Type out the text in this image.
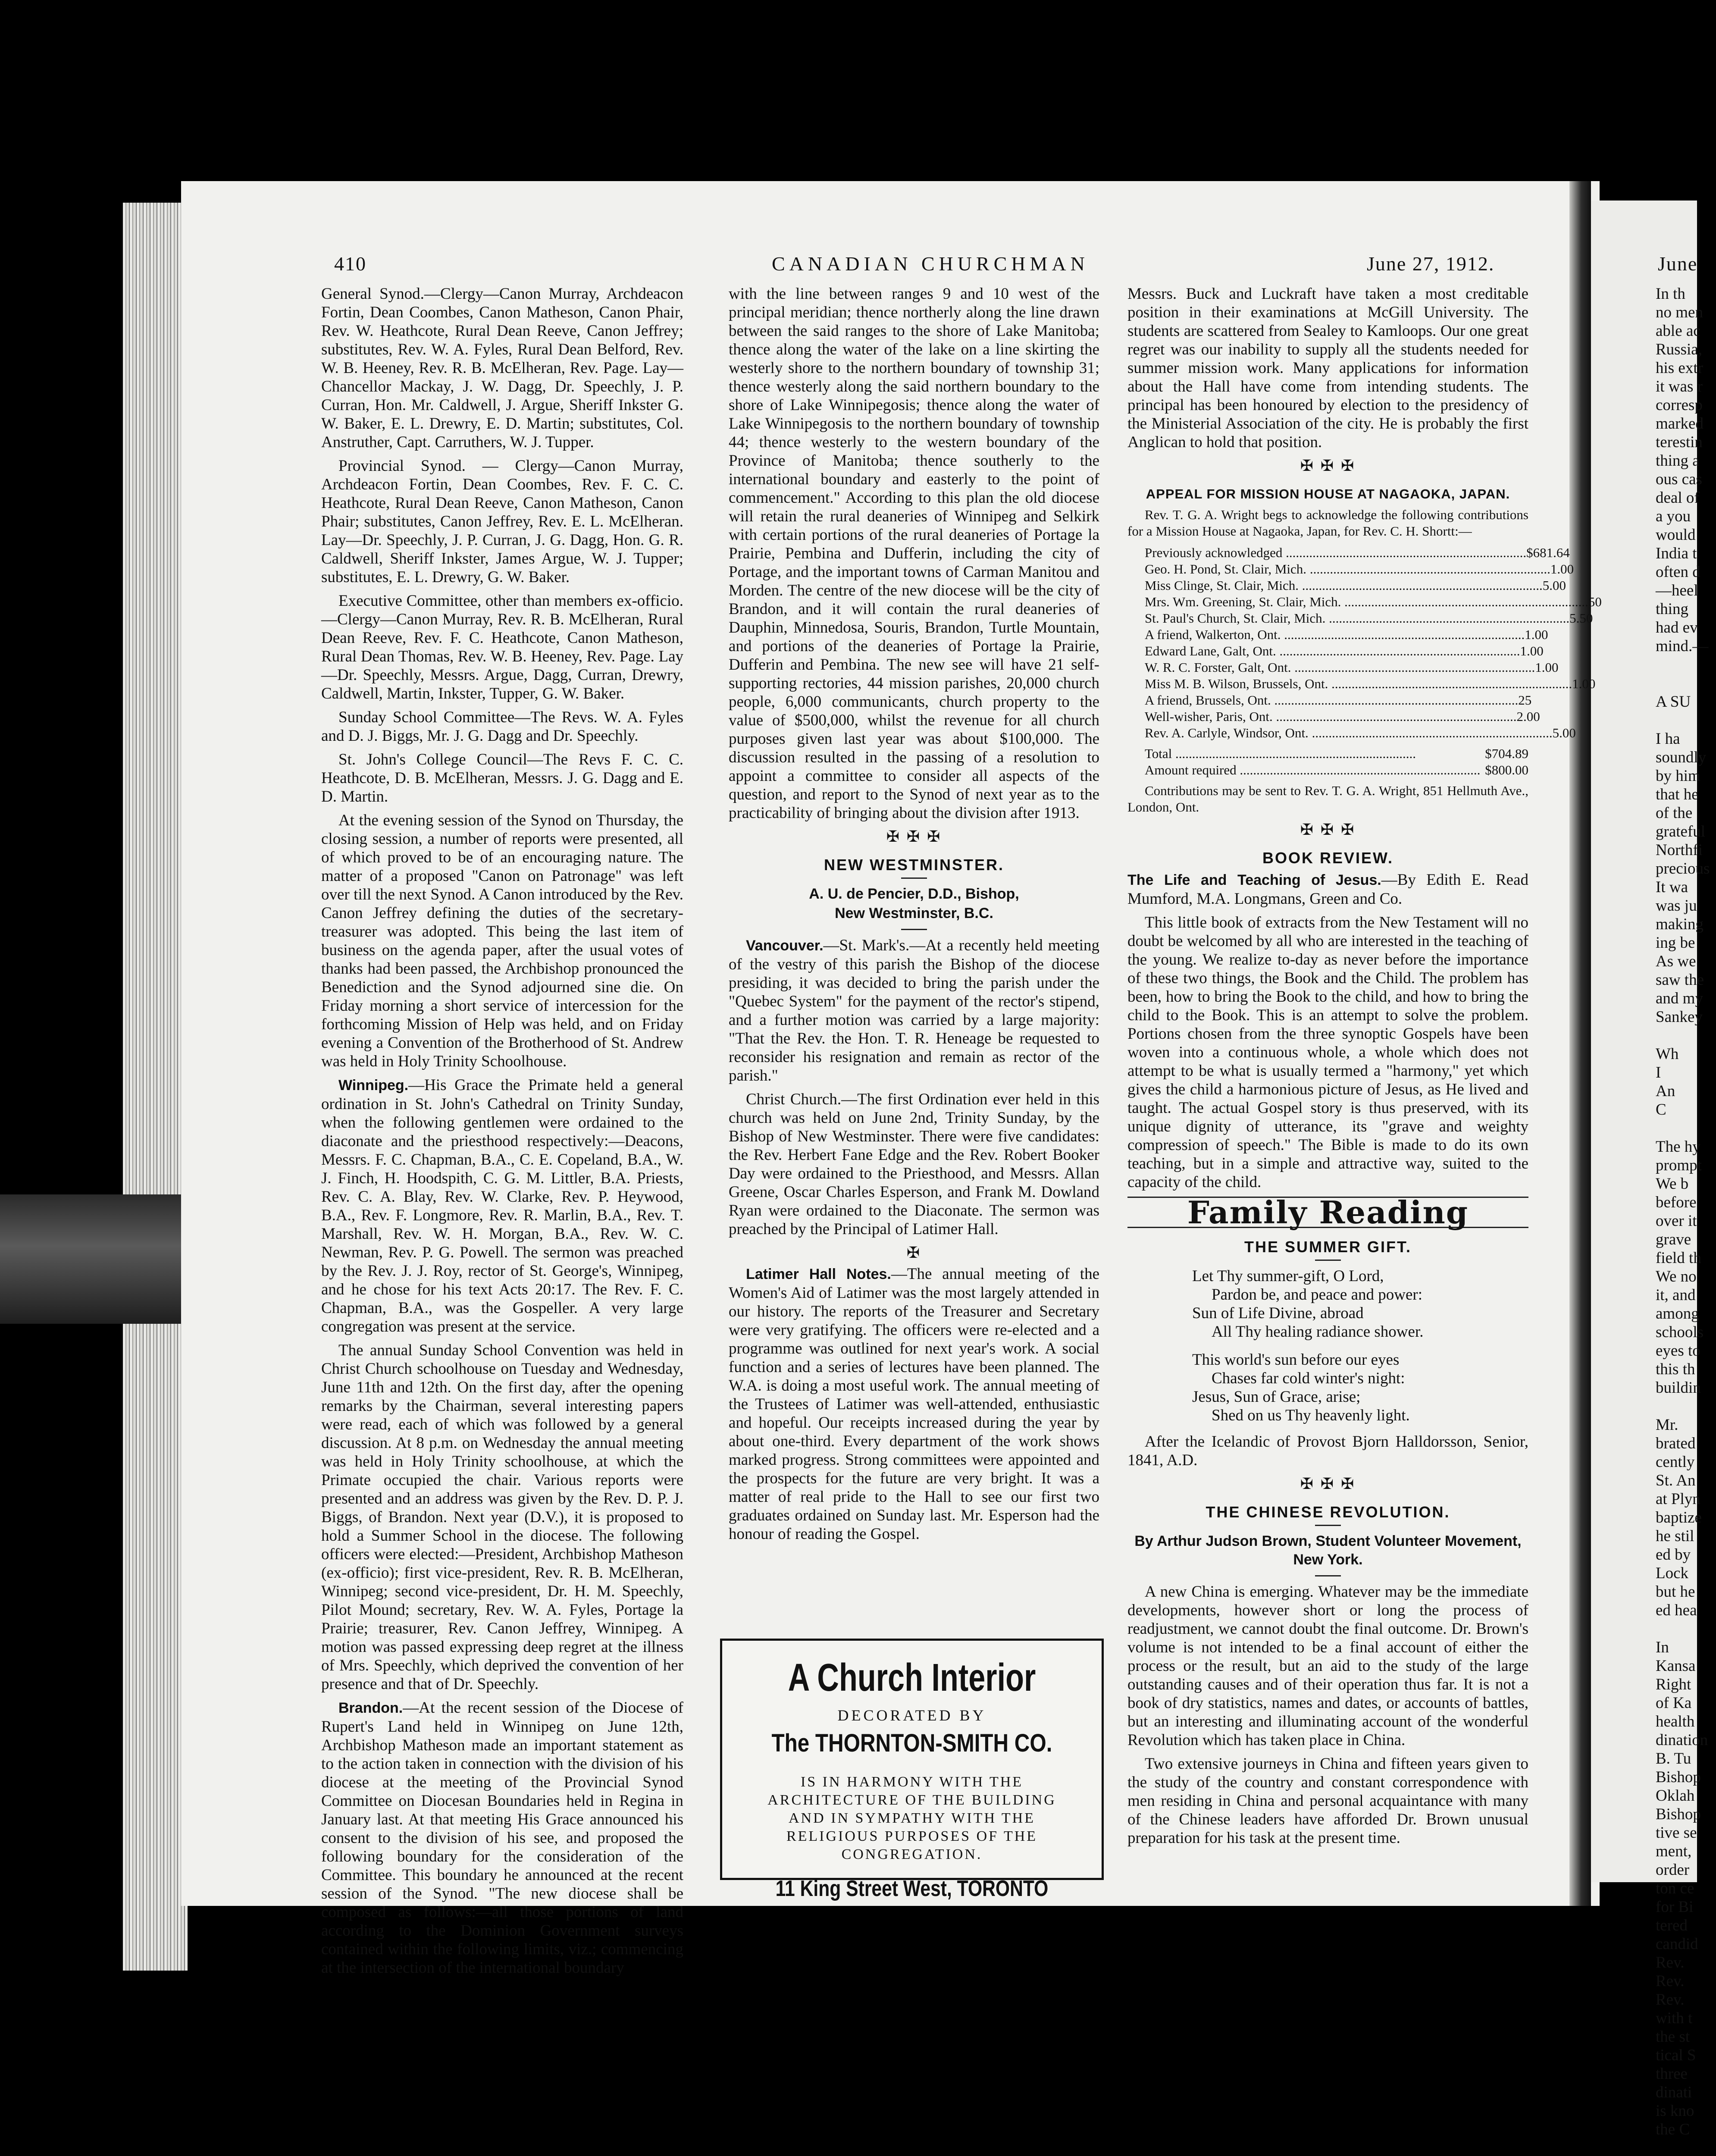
410	CANADIAN CHURCHMAN	June 27, 1912.	June

General Synod.—Clergy—Canon Murray, Archdeacon Fortin, Dean Coombes, Canon Matheson, Canon Phair, Rev. W. Heathcote, Rural Dean Reeve, Canon Jeffrey; substitutes, Rev. W. A. Fyles, Rural Dean Belford, Rev. W. B. Heeney, Rev. R. B. McElheran, Rev. Page. Lay—Chancellor Mackay, J. W. Dagg, Dr. Speechly, J. P. Curran, Hon. Mr. Caldwell, J. Argue, Sheriff Inkster G. W. Baker, E. L. Drewry, E. D. Martin; substitutes, Col. Anstruther, Capt. Carruthers, W. J. Tupper.

Provincial Synod. — Clergy—Canon Murray, Archdeacon Fortin, Dean Coombes, Rev. F. C. C. Heathcote, Rural Dean Reeve, Canon Matheson, Canon Phair; substitutes, Canon Jeffrey, Rev. E. L. McElheran. Lay—Dr. Speechly, J. P. Curran, J. G. Dagg, Hon. G. R. Caldwell, Sheriff Inkster, James Argue, W. J. Tupper; substitutes, E. L. Drewry, G. W. Baker.

Executive Committee, other than members ex-officio.—Clergy—Canon Murray, Rev. R. B. McElheran, Rural Dean Reeve, Rev. F. C. Heathcote, Canon Matheson, Rural Dean Thomas, Rev. W. B. Heeney, Rev. Page. Lay—Dr. Speechly, Messrs. Argue, Dagg, Curran, Drewry, Caldwell, Martin, Inkster, Tupper, G. W. Baker.

Sunday School Committee—The Revs. W. A. Fyles and D. J. Biggs, Mr. J. G. Dagg and Dr. Speechly.

St. John's College Council—The Revs F. C. C. Heathcote, D. B. McElheran, Messrs. J. G. Dagg and E. D. Martin.

At the evening session of the Synod on Thursday, the closing session, a number of reports were presented, all of which proved to be of an encouraging nature. The matter of a proposed "Canon on Patronage" was left over till the next Synod. A Canon introduced by the Rev. Canon Jeffrey defining the duties of the secretary-treasurer was adopted. This being the last item of business on the agenda paper, after the usual votes of thanks had been passed, the Archbishop pronounced the Benediction and the Synod adjourned sine die. On Friday morning a short service of intercession for the forthcoming Mission of Help was held, and on Friday evening a Convention of the Brotherhood of St. Andrew was held in Holy Trinity Schoolhouse.

Winnipeg.—His Grace the Primate held a general ordination in St. John's Cathedral on Trinity Sunday, when the following gentlemen were ordained to the diaconate and the priesthood respectively:—Deacons, Messrs. F. C. Chapman, B.A., C. E. Copeland, B.A., W. J. Finch, H. Hoodspith, C. G. M. Littler, B.A. Priests, Rev. C. A. Blay, Rev. W. Clarke, Rev. P. Heywood, B.A., Rev. F. Longmore, Rev. R. Marlin, B.A., Rev. T. Marshall, Rev. W. H. Morgan, B.A., Rev. W. C. Newman, Rev. P. G. Powell. The sermon was preached by the Rev. J. J. Roy, rector of St. George's, Winnipeg, and he chose for his text Acts 20:17. The Rev. F. C. Chapman, B.A., was the Gospeller. A very large congregation was present at the service.

The annual Sunday School Convention was held in Christ Church schoolhouse on Tuesday and Wednesday, June 11th and 12th. On the first day, after the opening remarks by the Chairman, several interesting papers were read, each of which was followed by a general discussion. At 8 p.m. on Wednesday the annual meeting was held in Holy Trinity schoolhouse, at which the Primate occupied the chair. Various reports were presented and an address was given by the Rev. D. P. J. Biggs, of Brandon. Next year (D.V.), it is proposed to hold a Summer School in the diocese. The following officers were elected:—President, Archbishop Matheson (ex-officio); first vice-president, Rev. R. B. McElheran, Winnipeg; second vice-president, Dr. H. M. Speechly, Pilot Mound; secretary, Rev. W. A. Fyles, Portage la Prairie; treasurer, Rev. Canon Jeffrey, Winnipeg. A motion was passed expressing deep regret at the illness of Mrs. Speechly, which deprived the convention of her presence and that of Dr. Speechly.

Brandon.—At the recent session of the Diocese of Rupert's Land held in Winnipeg on June 12th, Archbishop Matheson made an important statement as to the action taken in connection with the division of his diocese at the meeting of the Provincial Synod Committee on Diocesan Boundaries held in Regina in January last. At that meeting His Grace announced his consent to the division of his see, and proposed the following boundary for the consideration of the Committee. This boundary he announced at the recent session of the Synod. "The new diocese shall be composed as follows:—all those portions of land according to the Dominion Government surveys contained within the following limits, viz.; commencing at the intersection of the international boundary

with the line between ranges 9 and 10 west of the principal meridian; thence northerly along the line drawn between the said ranges to the shore of Lake Manitoba; thence along the water of the lake on a line skirting the westerly shore to the northern boundary of township 31; thence westerly along the said northern boundary to the shore of Lake Winnipegosis; thence along the water of Lake Winnipegosis to the northern boundary of township 44; thence westerly to the western boundary of the Province of Manitoba; thence southerly to the international boundary and easterly to the point of commencement." According to this plan the old diocese will retain the rural deaneries of Winnipeg and Selkirk with certain portions of the rural deaneries of Portage la Prairie, Pembina and Dufferin, including the city of Portage, and the important towns of Carman Manitou and Morden. The centre of the new diocese will be the city of Brandon, and it will contain the rural deaneries of Dauphin, Minnedosa, Souris, Brandon, Turtle Mountain, and portions of the deaneries of Portage la Prairie, Dufferin and Pembina. The new see will have 21 self-supporting rectories, 44 mission parishes, 20,000 church people, 6,000 communicants, church property to the value of $500,000, whilst the revenue for all church purposes given last year was about $100,000. The discussion resulted in the passing of a resolution to appoint a committee to consider all aspects of the question, and report to the Synod of next year as to the practicability of bringing about the division after 1913.

✠ ✠ ✠
NEW WESTMINSTER.
A. U. de Pencier, D.D., Bishop,
New Westminster, B.C.

Vancouver.—St. Mark's.—At a recently held meeting of the vestry of this parish the Bishop of the diocese presiding, it was decided to bring the parish under the "Quebec System" for the payment of the rector's stipend, and a further motion was carried by a large majority: "That the Rev. the Hon. T. R. Heneage be requested to reconsider his resignation and remain as rector of the parish."

Christ Church.—The first Ordination ever held in this church was held on June 2nd, Trinity Sunday, by the Bishop of New Westminster. There were five candidates: the Rev. Herbert Fane Edge and the Rev. Robert Booker Day were ordained to the Priesthood, and Messrs. Allan Greene, Oscar Charles Esperson, and Frank M. Dowland Ryan were ordained to the Diaconate. The sermon was preached by the Principal of Latimer Hall.

✠

Latimer Hall Notes.—The annual meeting of the Women's Aid of Latimer was the most largely attended in our history. The reports of the Treasurer and Secretary were very gratifying. The officers were re-elected and a programme was outlined for next year's work. A social function and a series of lectures have been planned. The W.A. is doing a most useful work. The annual meeting of the Trustees of Latimer was well-attended, enthusiastic and hopeful. Our receipts increased during the year by about one-third. Every department of the work shows marked progress. Strong committees were appointed and the prospects for the future are very bright. It was a matter of real pride to the Hall to see our first two graduates ordained on Sunday last. Mr. Esperson had the honour of reading the Gospel.

A Church Interior
DECORATED BY
The THORNTON-SMITH CO.
IS IN HARMONY WITH THE ARCHITECTURE OF THE BUILDING AND IN SYMPATHY WITH THE RELIGIOUS PURPOSES OF THE CONGREGATION.
11 King Street West, TORONTO

Messrs. Buck and Luckraft have taken a most creditable position in their examinations at McGill University. The students are scattered from Sealey to Kamloops. Our one great regret was our inability to supply all the students needed for summer mission work. Many applications for information about the Hall have come from intending students. The principal has been honoured by election to the presidency of the Ministerial Association of the city. He is probably the first Anglican to hold that position.

✠ ✠ ✠
APPEAL FOR MISSION HOUSE AT NAGAOKA, JAPAN.

Rev. T. G. A. Wright begs to acknowledge the following contributions for a Mission House at Nagaoka, Japan, for Rev. C. H. Shortt:—

Previously acknowledged .....	$681.64
Geo. H. Pond, St. Clair, Mich. .....	1.00
Miss Clinge, St. Clair, Mich. .....	5.00
Mrs. Wm. Greening, St. Clair, Mich. .....	.50
St. Paul's Church, St. Clair, Mich. .....	5.50
A friend, Walkerton, Ont. .....	1.00
Edward Lane, Galt, Ont. .....	1.00
W. R. C. Forster, Galt, Ont. .....	1.00
Miss M. B. Wilson, Brussels, Ont. .....	1.00
A friend, Brussels, Ont. .....	.25
Well-wisher, Paris, Ont. .....	2.00
Rev. A. Carlyle, Windsor, Ont. .....	5.00
Total .....	$704.89
Amount required .....	$800.00

Contributions may be sent to Rev. T. G. A. Wright, 851 Hellmuth Ave., London, Ont.

✠ ✠ ✠
BOOK REVIEW.

The Life and Teaching of Jesus.—By Edith E. Read Mumford, M.A. Longmans, Green and Co.

This little book of extracts from the New Testament will no doubt be welcomed by all who are interested in the teaching of the young. We realize to-day as never before the importance of these two things, the Book and the Child. The problem has been, how to bring the Book to the child, and how to bring the child to the Book. This is an attempt to solve the problem. Portions chosen from the three synoptic Gospels have been woven into a continuous whole, a whole which does not attempt to be what is usually termed a "harmony," yet which gives the child a harmonious picture of Jesus, as He lived and taught. The actual Gospel story is thus preserved, with its unique dignity of utterance, its "grave and weighty compression of speech." The Bible is made to do its own teaching, but in a simple and attractive way, suited to the capacity of the child.

Family Reading
THE SUMMER GIFT.
Let Thy summer-gift, O Lord,
Pardon be, and peace and power:
Sun of Life Divine, abroad
All Thy healing radiance shower.
This world's sun before our eyes
Chases far cold winter's night:
Jesus, Sun of Grace, arise;
Shed on us Thy heavenly light.

After the Icelandic of Provost Bjorn Halldorsson, Senior, 1841, A.D.

✠ ✠ ✠
THE CHINESE REVOLUTION.
By Arthur Judson Brown, Student Volunteer Movement, New York.

A new China is emerging. Whatever may be the immediate developments, however short or long the process of readjustment, we cannot doubt the final outcome. Dr. Brown's volume is not intended to be a final account of either the process or the result, but an aid to the study of the large outstanding causes and of their operation thus far. It is not a book of dry statistics, names and dates, or accounts of battles, but an interesting and illuminating account of the wonderful Revolution which has taken place in China.

Two extensive journeys in China and fifteen years given to the study of the country and constant correspondence with men residing in China and personal acquaintance with many of the Chinese leaders have afforded Dr. Brown unusual preparation for his task at the present time.

In th
no men
able ac
Russia,
his extr
it was r
corresp
marked
terestin
thing a
ous cas
deal of
a you
would
India t
often d
—heel
thing
had ev
mind.—
A SU
I ha
soundly
by him
that he
of the
grateful
Northfi
precious
It wa
was ju
making
ing be
As we
saw the
and my
Sankey
Wh
I
An
C
The hy
prompt
We b
before
over it
grave
field th
We no
it, and
among
schools
eyes to
this th
buildin
Mr.
brated
cently
St. An
at Plyn
baptize
he stil
ed by
Lock
but he
ed hea
In
Kansa
Right
of Ka
health
dination
B. Tu
Bishop
Oklah
Bishop
tive se
ment,
order
ton ce
for Bi
tered
candid
Rev.
Rev.
Rev.
with t
the st
tical S
three
dinati
is kno
the C
